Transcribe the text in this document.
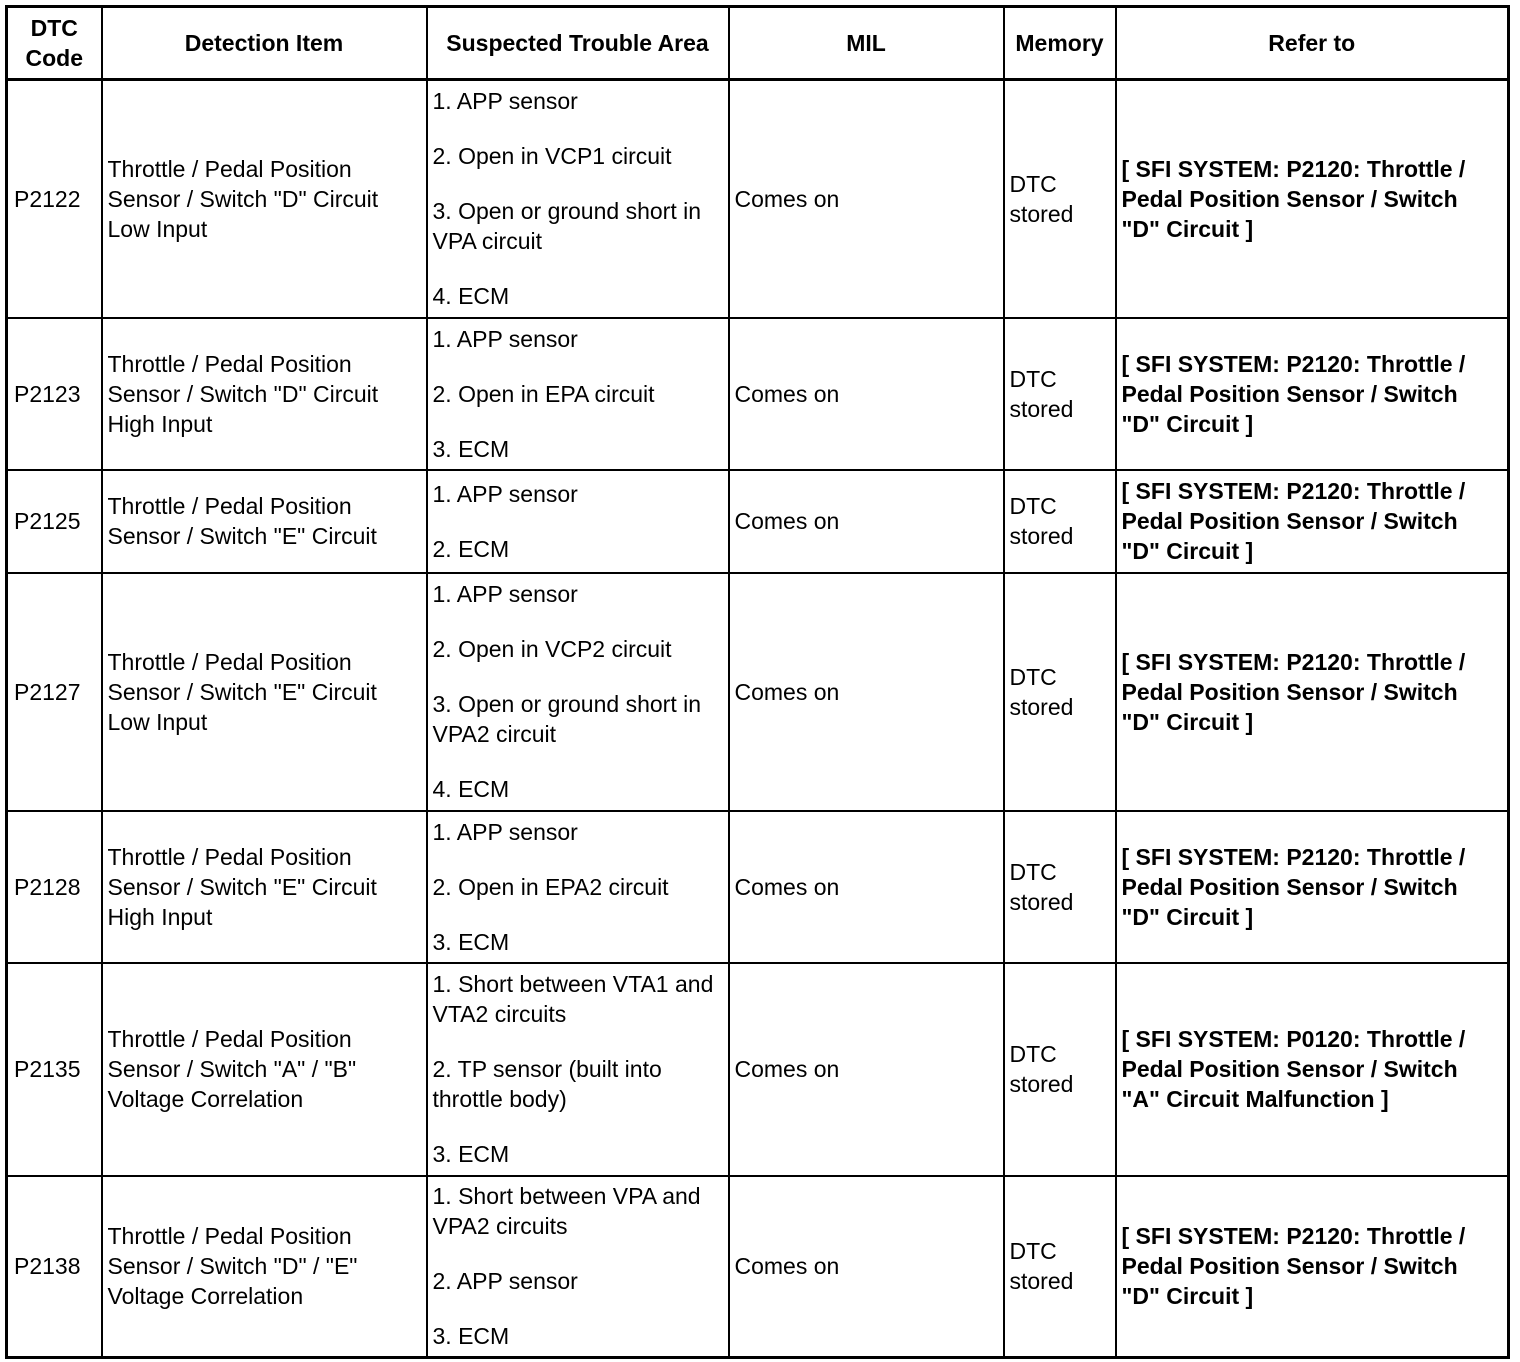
DTC Code	Detection Item	Suspected Trouble Area	MIL	Memory	Refer to
P2122	Throttle / Pedal Position Sensor / Switch "D" Circuit Low Input	1. APP sensor
2. Open in VCP1 circuit
3. Open or ground short in VPA circuit
4. ECM	Comes on	DTC stored	[ SFI SYSTEM: P2120: Throttle / Pedal Position Sensor / Switch "D" Circuit ]
P2123	Throttle / Pedal Position Sensor / Switch "D" Circuit High Input	1. APP sensor
2. Open in EPA circuit
3. ECM	Comes on	DTC stored	[ SFI SYSTEM: P2120: Throttle / Pedal Position Sensor / Switch "D" Circuit ]
P2125	Throttle / Pedal Position Sensor / Switch "E" Circuit	1. APP sensor
2. ECM	Comes on	DTC stored	[ SFI SYSTEM: P2120: Throttle / Pedal Position Sensor / Switch "D" Circuit ]
P2127	Throttle / Pedal Position Sensor / Switch "E" Circuit Low Input	1. APP sensor
2. Open in VCP2 circuit
3. Open or ground short in VPA2 circuit
4. ECM	Comes on	DTC stored	[ SFI SYSTEM: P2120: Throttle / Pedal Position Sensor / Switch "D" Circuit ]
P2128	Throttle / Pedal Position Sensor / Switch "E" Circuit High Input	1. APP sensor
2. Open in EPA2 circuit
3. ECM	Comes on	DTC stored	[ SFI SYSTEM: P2120: Throttle / Pedal Position Sensor / Switch "D" Circuit ]
P2135	Throttle / Pedal Position Sensor / Switch "A" / "B" Voltage Correlation	1. Short between VTA1 and VTA2 circuits
2. TP sensor (built into throttle body)
3. ECM	Comes on	DTC stored	[ SFI SYSTEM: P0120: Throttle / Pedal Position Sensor / Switch "A" Circuit Malfunction ]
P2138	Throttle / Pedal Position Sensor / Switch "D" / "E" Voltage Correlation	1. Short between VPA and VPA2 circuits
2. APP sensor
3. ECM	Comes on	DTC stored	[ SFI SYSTEM: P2120: Throttle / Pedal Position Sensor / Switch "D" Circuit ]
